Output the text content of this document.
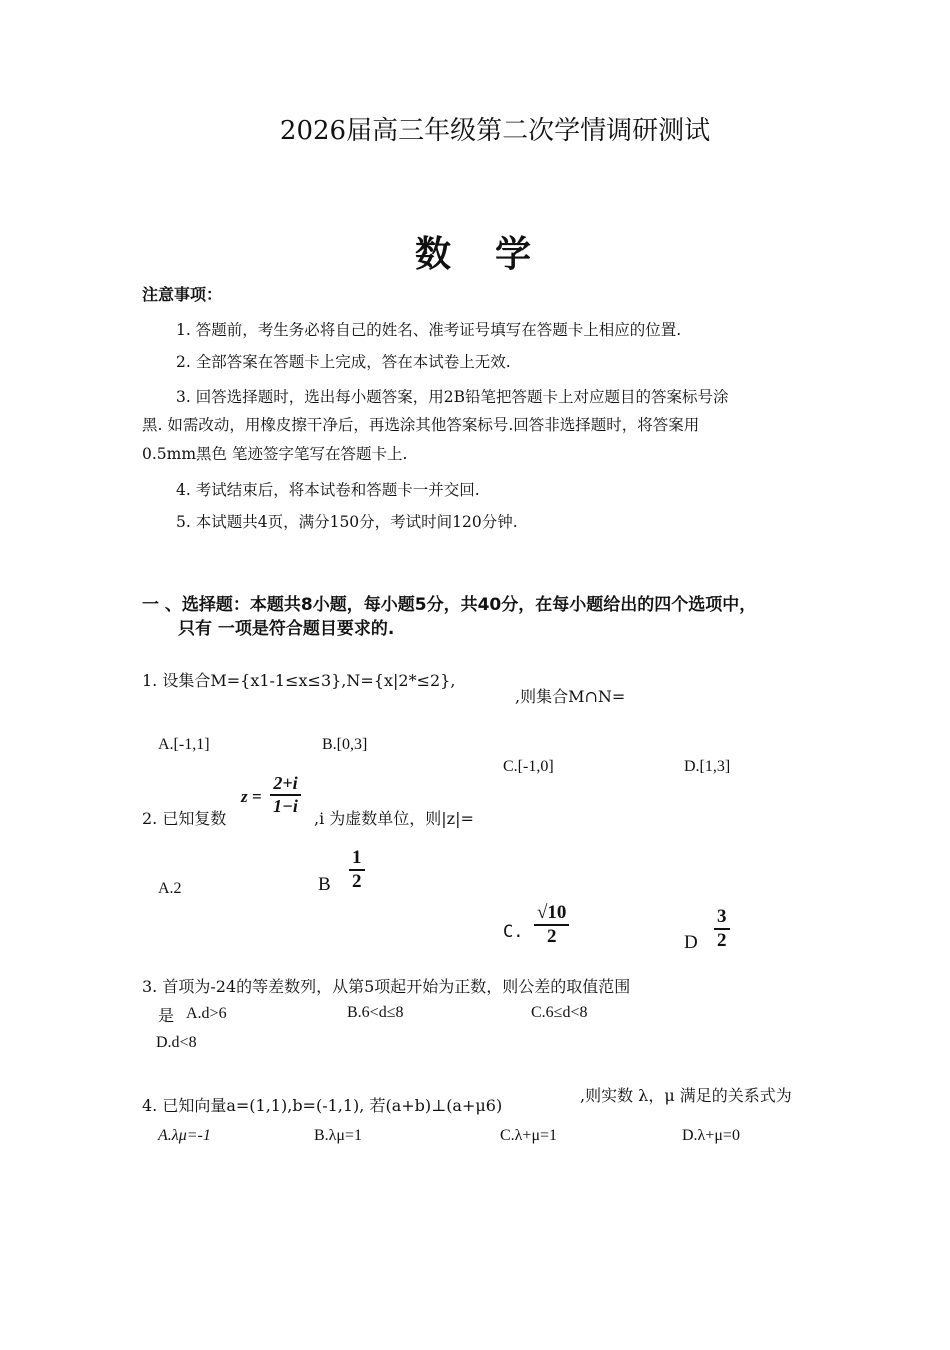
2026届高三年级第二次学情调研测试
数学
注意事项：
1. 答题前，考生务必将自己的姓名、准考证号填写在答题卡上相应的位置.
2. 全部答案在答题卡上完成，答在本试卷上无效.
3. 回答选择题时，选出每小题答案，用2B铅笔把答题卡上对应题目的答案标号涂
黑. 如需改动，用橡皮擦干净后，再选涂其他答案标号.回答非选择题时，将答案用
0.5mm黑色 笔迹签字笔写在答题卡上.
4. 考试结束后，将本试卷和答题卡一并交回.
5. 本试题共4页，满分150分，考试时间120分钟.
一 、选择题：本题共8小题，每小题5分，共40分，在每小题给出的四个选项中，
只有 一项是符合题目要求的.
1. 设集合M={x1-1≤x≤3},N={x|2*≤2},
,则集合M∩N=
A.[-1,1]	B.[0,3]
C.[-1,0]	D.[1,3]
2. 已知复数
$z = \frac{2+i}{1-i}$
,i 为虚数单位，则|z|=
A.2	B $\frac{1}{2}$
C. $\frac{√10}{2}$	D $\frac{3}{2}$
3. 首项为-24的等差数列，从第5项起开始为正数，则公差的取值范围
是 A.d>6	B.6<d≤8	C.6≤d<8
D.d<8
4. 已知向量a=(1,1),b=(-1,1), 若(a+b)⊥(a+μ6)
,则实数 λ，μ 满足的关系式为
A.λμ=-1	B.λμ=1	C.λ+μ=1	D.λ+μ=0
